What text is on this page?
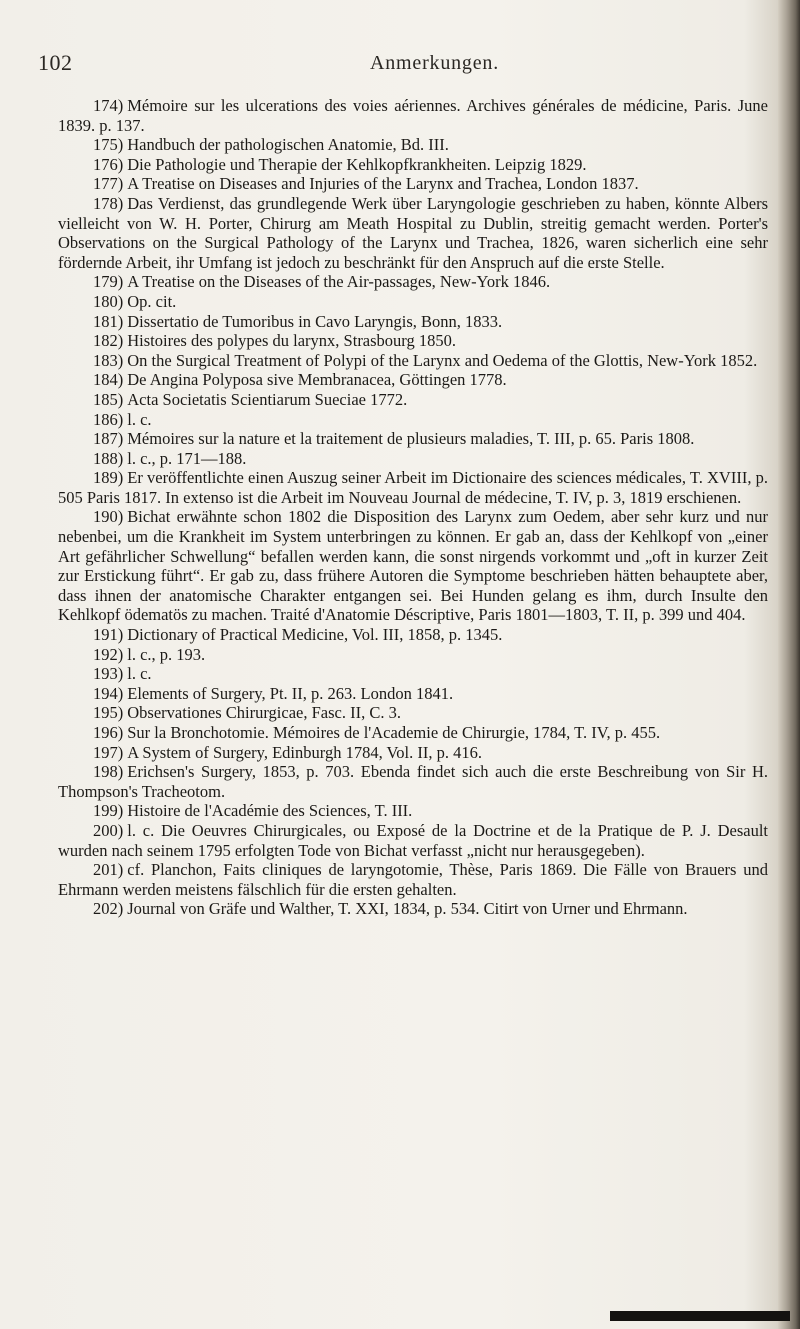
102	Anmerkungen.

174) Mémoire sur les ulcerations des voies aériennes. Archives générales de médicine, Paris. June 1839. p. 137.

175) Handbuch der pathologischen Anatomie, Bd. III.

176) Die Pathologie und Therapie der Kehlkopfkrankheiten. Leipzig 1829.

177) A Treatise on Diseases and Injuries of the Larynx and Trachea, London 1837.

178) Das Verdienst, das grundlegende Werk über Laryngologie geschrieben zu haben, könnte Albers vielleicht von W. H. Porter, Chirurg am Meath Hospital zu Dublin, streitig gemacht werden. Porter's Observations on the Surgical Pathology of the Larynx und Trachea, 1826, waren sicherlich eine sehr fördernde Arbeit, ihr Umfang ist jedoch zu beschränkt für den Anspruch auf die erste Stelle.

179) A Treatise on the Diseases of the Air-passages, New-York 1846.

180) Op. cit.

181) Dissertatio de Tumoribus in Cavo Laryngis, Bonn, 1833.

182) Histoires des polypes du larynx, Strasbourg 1850.

183) On the Surgical Treatment of Polypi of the Larynx and Oedema of the Glottis, New-York 1852.

184) De Angina Polyposa sive Membranacea, Göttingen 1778.

185) Acta Societatis Scientiarum Sueciae 1772.

186) l. c.

187) Mémoires sur la nature et la traitement de plusieurs maladies, T. III, p. 65. Paris 1808.

188) l. c., p. 171—188.

189) Er veröffentlichte einen Auszug seiner Arbeit im Dictionaire des sciences médicales, T. XVIII, p. 505 Paris 1817. In extenso ist die Arbeit im Nouveau Journal de médecine, T. IV, p. 3, 1819 erschienen.

190) Bichat erwähnte schon 1802 die Disposition des Larynx zum Oedem, aber sehr kurz und nur nebenbei, um die Krankheit im System unterbringen zu können. Er gab an, dass der Kehlkopf von „einer Art gefährlicher Schwellung“ befallen werden kann, die sonst nirgends vorkommt und „oft in kurzer Zeit zur Erstickung führt“. Er gab zu, dass frühere Autoren die Symptome beschrieben hätten behauptete aber, dass ihnen der anatomische Charakter entgangen sei. Bei Hunden gelang es ihm, durch Insulte den Kehlkopf ödematös zu machen. Traité d'Anatomie Déscriptive, Paris 1801—1803, T. II, p. 399 und 404.

191) Dictionary of Practical Medicine, Vol. III, 1858, p. 1345.

192) l. c., p. 193.

193) l. c.

194) Elements of Surgery, Pt. II, p. 263. London 1841.

195) Observationes Chirurgicae, Fasc. II, C. 3.

196) Sur la Bronchotomie. Mémoires de l'Academie de Chirurgie, 1784, T. IV, p. 455.

197) A System of Surgery, Edinburgh 1784, Vol. II, p. 416.

198) Erichsen's Surgery, 1853, p. 703. Ebenda findet sich auch die erste Beschreibung von Sir H. Thompson's Tracheotom.

199) Histoire de l'Académie des Sciences, T. III.

200) l. c. Die Oeuvres Chirurgicales, ou Exposé de la Doctrine et de la Pratique de P. J. Desault wurden nach seinem 1795 erfolgten Tode von Bichat verfasst „nicht nur herausgegeben).

201) cf. Planchon, Faits cliniques de laryngotomie, Thèse, Paris 1869. Die Fälle von Brauers und Ehrmann werden meistens fälschlich für die ersten gehalten.

202) Journal von Gräfe und Walther, T. XXI, 1834, p. 534. Citirt von Urner und Ehrmann.
